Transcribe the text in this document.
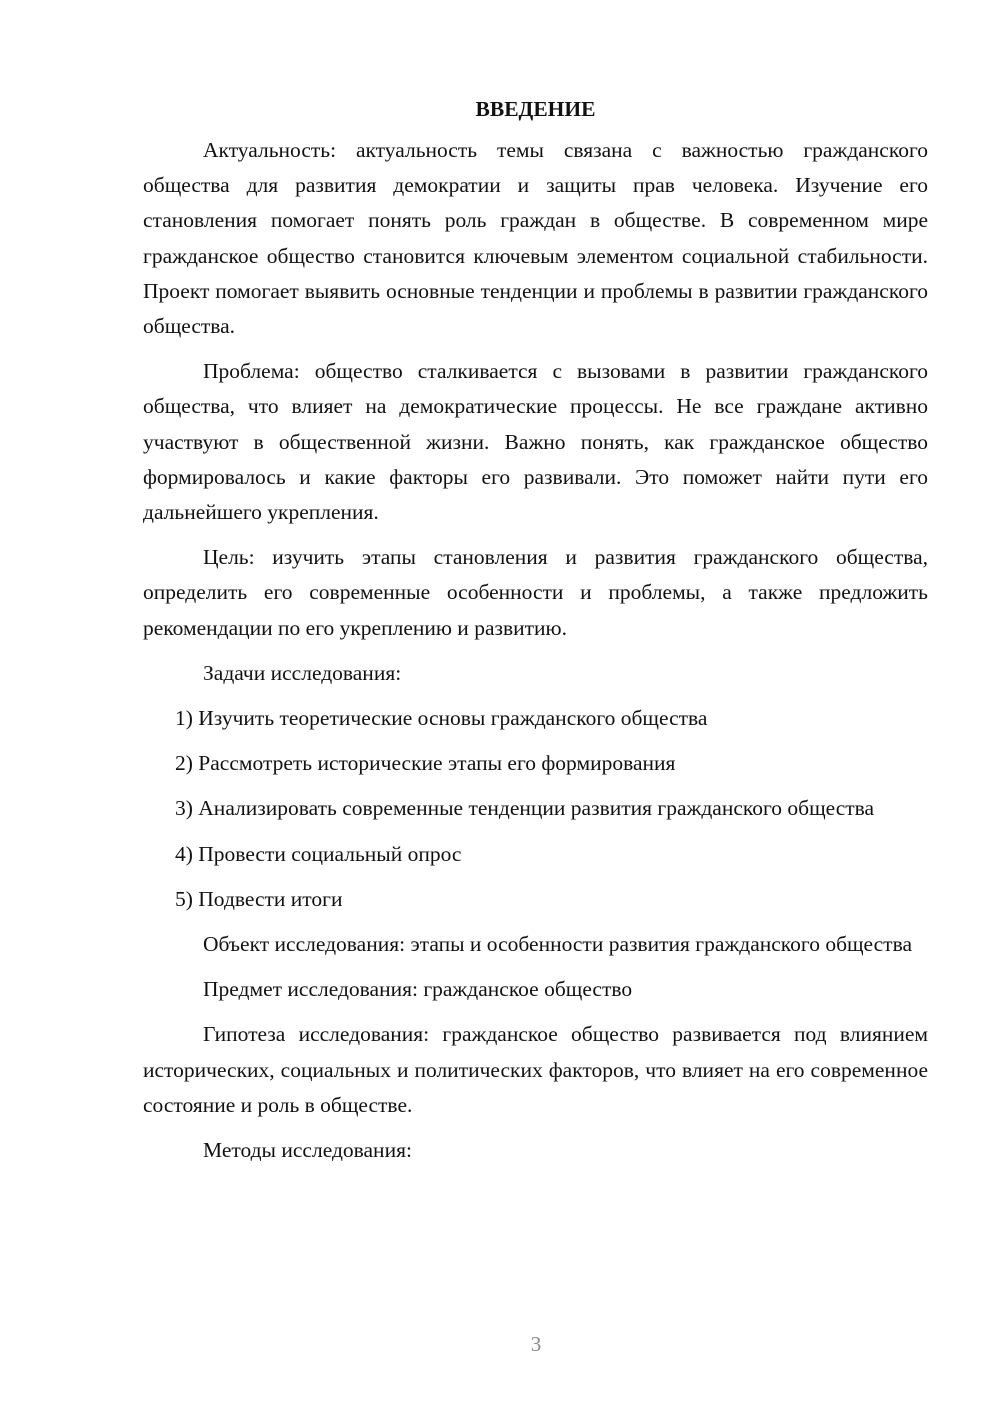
ВВЕДЕНИЕ

Актуальность: актуальность темы связана с важностью гражданского общества для развития демократии и защиты прав человека. Изучение его становления помогает понять роль граждан в обществе. В современном мире гражданское общество становится ключевым элементом социальной стабильности. Проект помогает выявить основные тенденции и проблемы в развитии гражданского общества.

Проблема: общество сталкивается с вызовами в развитии гражданского общества, что влияет на демократические процессы. Не все граждане активно участвуют в общественной жизни. Важно понять, как гражданское общество формировалось и какие факторы его развивали. Это поможет найти пути его дальнейшего укрепления.

Цель: изучить этапы становления и развития гражданского общества, определить его современные особенности и проблемы, а также предложить рекомендации по его укреплению и развитию.

Задачи исследования:

1) Изучить теоретические основы гражданского общества

2) Рассмотреть исторические этапы его формирования

3) Анализировать современные тенденции развития гражданского общества

4) Провести социальный опрос

5) Подвести итоги

Объект исследования: этапы и особенности развития гражданского общества

Предмет исследования: гражданское общество

Гипотеза исследования: гражданское общество развивается под влиянием исторических, социальных и политических факторов, что влияет на его современное состояние и роль в обществе.

Методы исследования:

3
